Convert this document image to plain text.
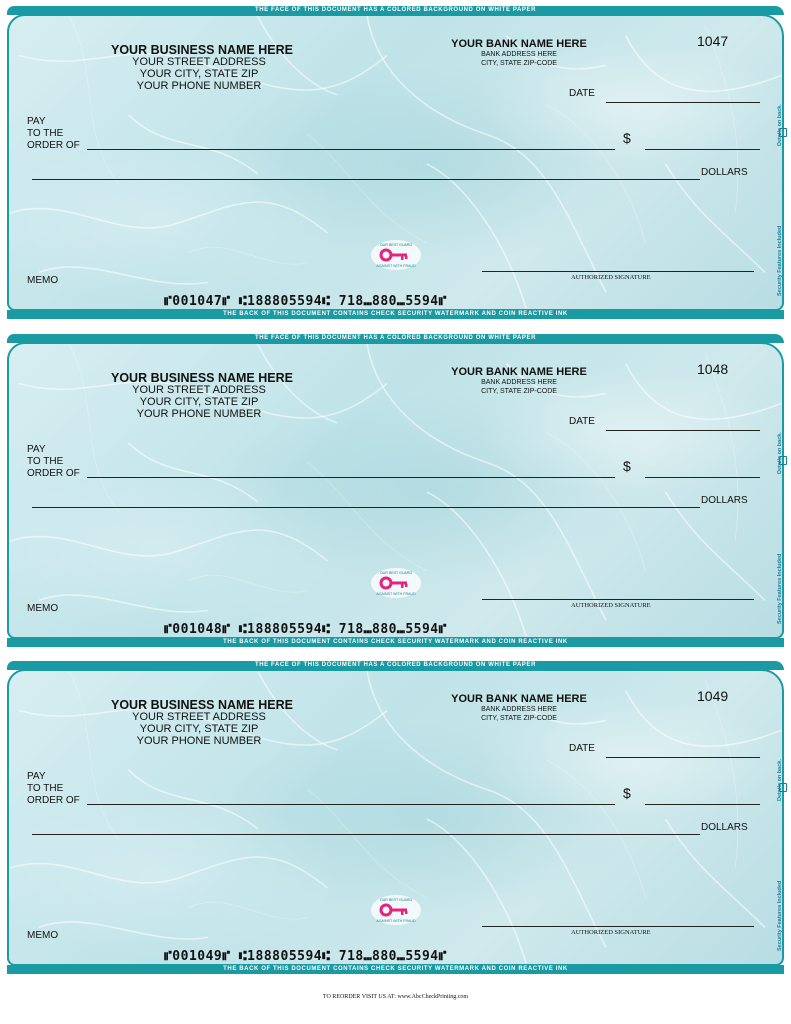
YOUR BUSINESS NAME HERE
YOUR STREET ADDRESS
YOUR CITY, STATE ZIP
YOUR PHONE NUMBER
YOUR BANK NAME HERE
BANK ADDRESS HERE
CITY, STATE ZIP-CODE
1047
DATE
PAY
TO THE
ORDER OF	$
DOLLARS
OUR BEST GUARD
AGAINST WITH FRAUD
MEMO	AUTHORIZED SIGNATURE
⑈001047⑈ ⑆188805594⑆ 718⑉880⑉5594⑈
Details on back.
Security Features Included
THE FACE OF THIS DOCUMENT HAS A COLORED BACKGROUND ON WHITE PAPER
THE BACK OF THIS DOCUMENT CONTAINS CHECK SECURITY WATERMARK AND COIN REACTIVE INK
YOUR BUSINESS NAME HERE
YOUR STREET ADDRESS
YOUR CITY, STATE ZIP
YOUR PHONE NUMBER
YOUR BANK NAME HERE
BANK ADDRESS HERE
CITY, STATE ZIP-CODE
1048
DATE
PAY
TO THE
ORDER OF	$
DOLLARS
OUR BEST GUARD
AGAINST WITH FRAUD
MEMO	AUTHORIZED SIGNATURE
⑈001048⑈ ⑆188805594⑆ 718⑉880⑉5594⑈
Details on back.
Security Features Included
THE FACE OF THIS DOCUMENT HAS A COLORED BACKGROUND ON WHITE PAPER
THE BACK OF THIS DOCUMENT CONTAINS CHECK SECURITY WATERMARK AND COIN REACTIVE INK
YOUR BUSINESS NAME HERE
YOUR STREET ADDRESS
YOUR CITY, STATE ZIP
YOUR PHONE NUMBER
YOUR BANK NAME HERE
BANK ADDRESS HERE
CITY, STATE ZIP-CODE
1049
DATE
PAY
TO THE
ORDER OF	$
DOLLARS
OUR BEST GUARD
AGAINST WITH FRAUD
MEMO	AUTHORIZED SIGNATURE
⑈001049⑈ ⑆188805594⑆ 718⑉880⑉5594⑈
Details on back.
Security Features Included
THE FACE OF THIS DOCUMENT HAS A COLORED BACKGROUND ON WHITE PAPER
THE BACK OF THIS DOCUMENT CONTAINS CHECK SECURITY WATERMARK AND COIN REACTIVE INK
TO REORDER VISIT US AT: www.AbcCheckPrinting.com
